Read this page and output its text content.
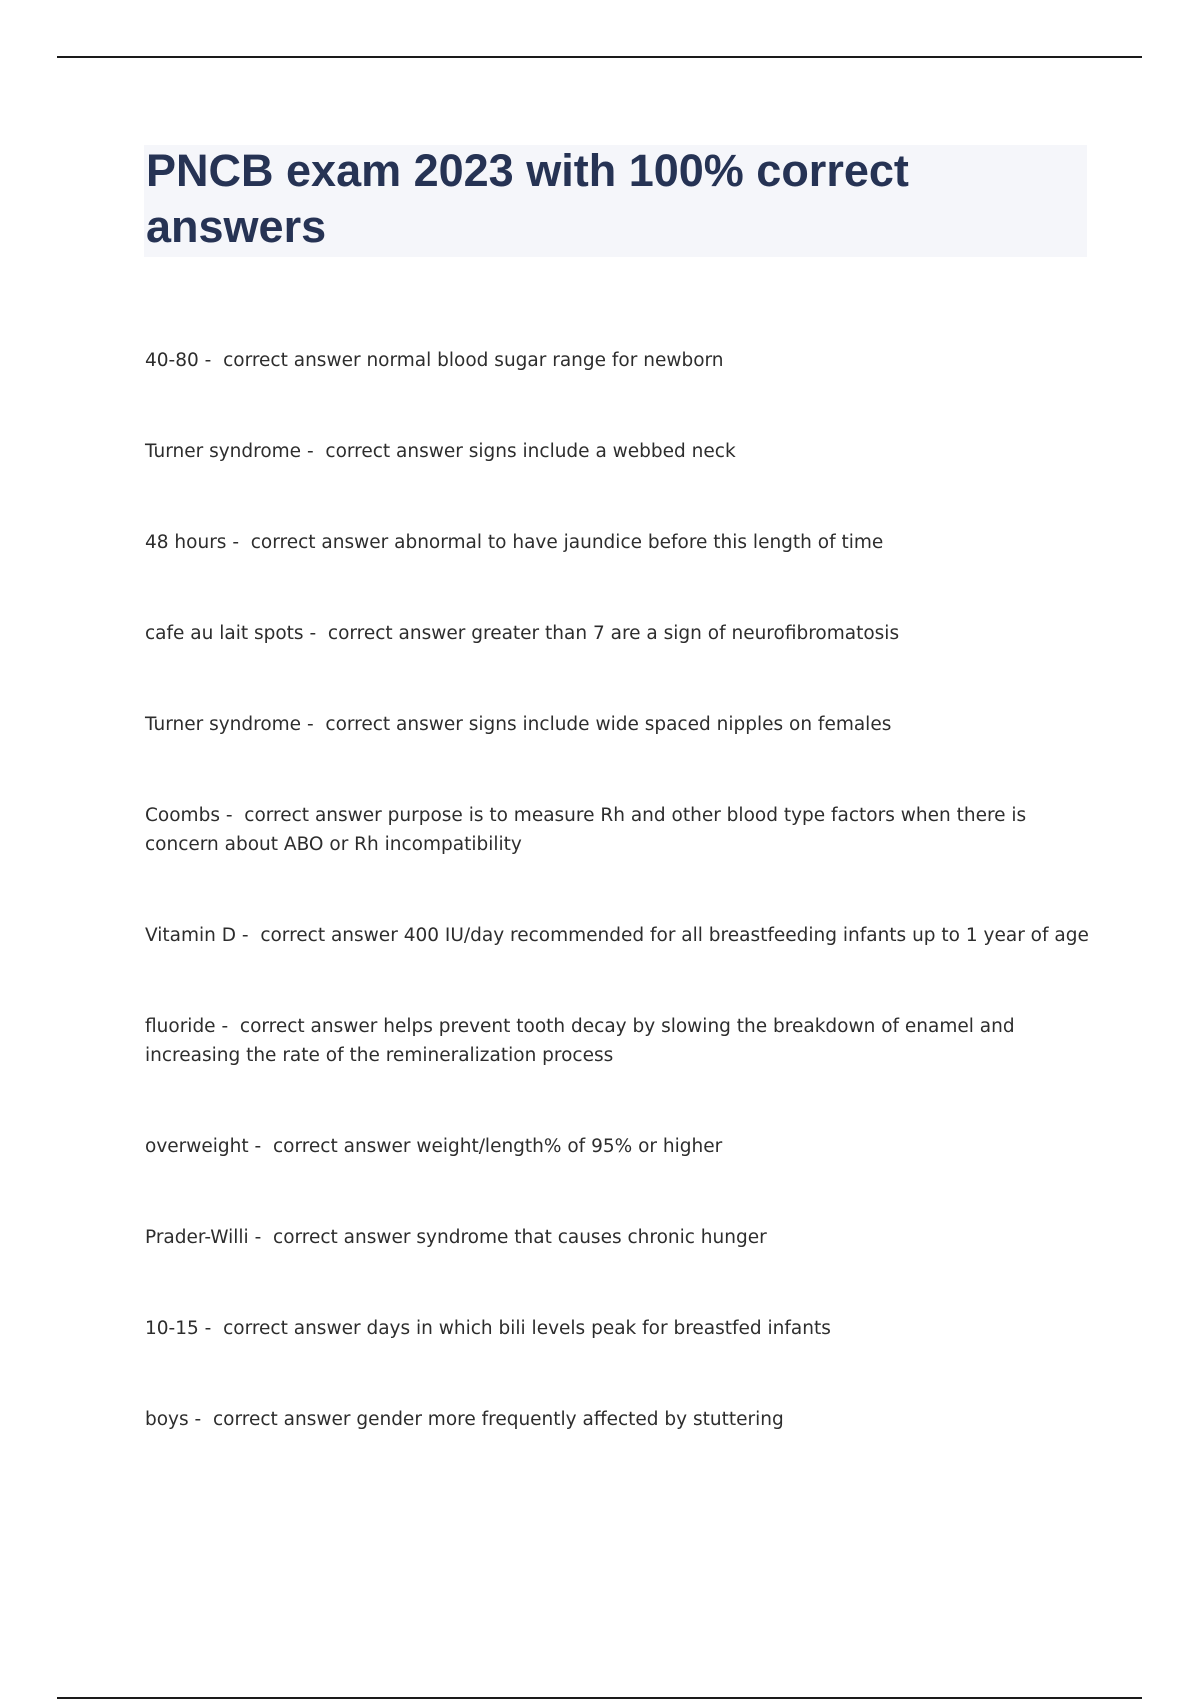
PNCB exam 2023 with 100% correct answers

40-80 -  correct answer normal blood sugar range for newborn

Turner syndrome -  correct answer signs include a webbed neck

48 hours -  correct answer abnormal to have jaundice before this length of time

cafe au lait spots -  correct answer greater than 7 are a sign of neurofibromatosis

Turner syndrome -  correct answer signs include wide spaced nipples on females

Coombs -  correct answer purpose is to measure Rh and other blood type factors when there is concern about ABO or Rh incompatibility

Vitamin D -  correct answer 400 IU/day recommended for all breastfeeding infants up to 1 year of age

fluoride -  correct answer helps prevent tooth decay by slowing the breakdown of enamel and increasing the rate of the remineralization process

overweight -  correct answer weight/length% of 95% or higher

Prader-Willi -  correct answer syndrome that causes chronic hunger

10-15 -  correct answer days in which bili levels peak for breastfed infants

boys -  correct answer gender more frequently affected by stuttering
